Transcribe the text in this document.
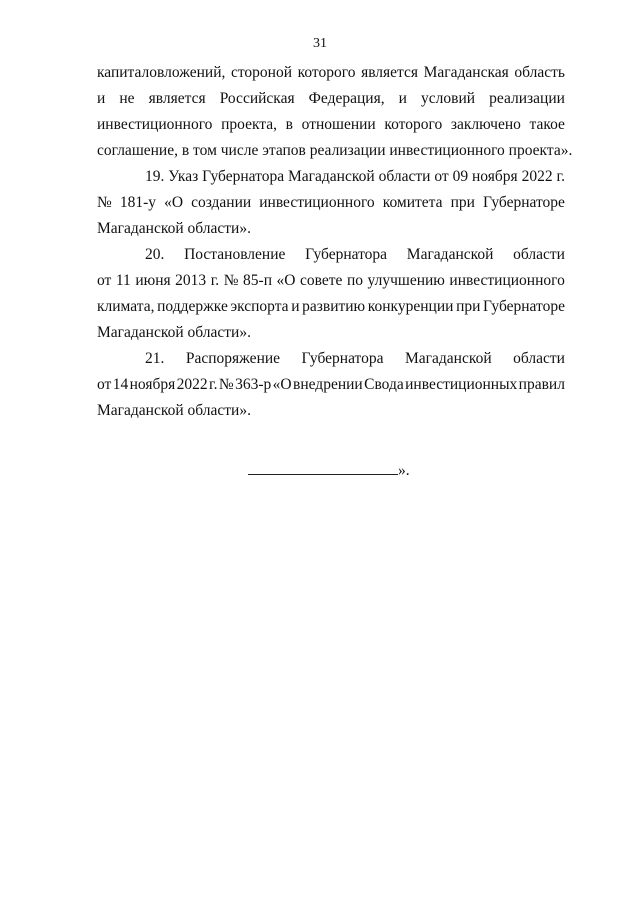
31
капиталовложений, стороной которого является Магаданская область
и не является Российская Федерация, и условий реализации
инвестиционного проекта, в отношении которого заключено такое
соглашение, в том числе этапов реализации инвестиционного проекта».
19. Указ Губернатора Магаданской области от 09 ноября 2022 г.
№ 181-у «О создании инвестиционного комитета при Губернаторе
Магаданской области».
20. Постановление Губернатора Магаданской области
от 11 июня 2013 г. № 85-п «О совете по улучшению инвестиционного
климата, поддержке экспорта и развитию конкуренции при Губернаторе
Магаданской области».
21. Распоряжение Губернатора Магаданской области
от 14 ноября 2022 г. № 363-р «О внедрении Свода инвестиционных правил
Магаданской области».
».
